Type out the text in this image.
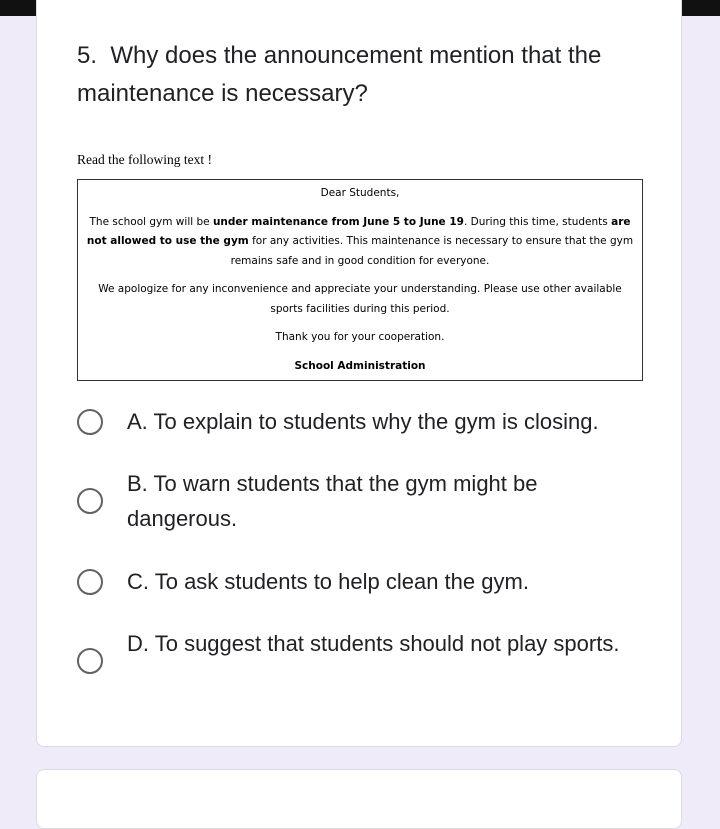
5. Why does the announcement mention that the maintenance is necessary?
Read the following text !

Dear Students,

The school gym will be under maintenance from June 5 to June 19. During this time, students are not allowed to use the gym for any activities. This maintenance is necessary to ensure that the gym remains safe and in good condition for everyone.

We apologize for any inconvenience and appreciate your understanding. Please use other available sports facilities during this period.

Thank you for your cooperation.

School Administration

A. To explain to students why the gym is closing.
B. To warn students that the gym might be dangerous.
C. To ask students to help clean the gym.
D. To suggest that students should not play sports.
